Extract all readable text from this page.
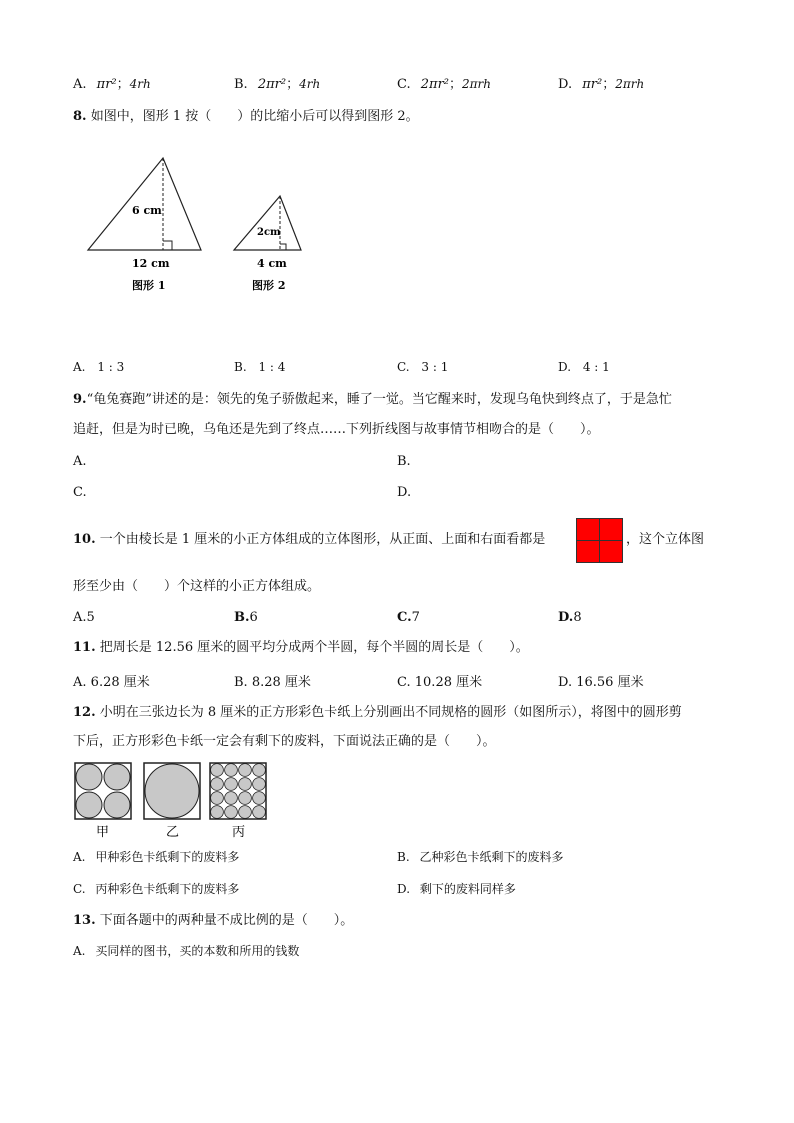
A. πr²；4rh	B. 2πr²；4rh	C. 2πr²；2πrh	D. πr²；2πrh
8. 如图中，图形 1 按（　　）的比缩小后可以得到图形 2。
6 cm
12 cm
图形 1
2cm
4 cm
图形 2
A. 1 : 3	B. 1 : 4	C. 3 : 1	D. 4 : 1
9.“龟兔赛跑”讲述的是：领先的兔子骄傲起来，睡了一觉。当它醒来时，发现乌龟快到终点了，于是急忙
追赶，但是为时已晚，乌龟还是先到了终点……下列折线图与故事情节相吻合的是（　　）。
A.	B.
C.	D.
10. 一个由棱长是 1 厘米的小正方体组成的立体图形，从正面、上面和右面看都是	，这个立体图
形至少由（　　）个这样的小正方体组成。
A.5	B.6	C.7	D.8
11. 把周长是 12.56 厘米的圆平均分成两个半圆，每个半圆的周长是（　　）。
A. 6.28 厘米	B. 8.28 厘米	C. 10.28 厘米	D. 16.56 厘米
12. 小明在三张边长为 8 厘米的正方形彩色卡纸上分别画出不同规格的圆形（如图所示），将图中的圆形剪
下后，正方形彩色卡纸一定会有剩下的废料，下面说法正确的是（　　）。
甲	乙	丙
A. 甲种彩色卡纸剩下的废料多	B. 乙种彩色卡纸剩下的废料多
C. 丙种彩色卡纸剩下的废料多	D. 剩下的废料同样多
13. 下面各题中的两种量不成比例的是（　　）。
A. 买同样的图书，买的本数和所用的钱数
